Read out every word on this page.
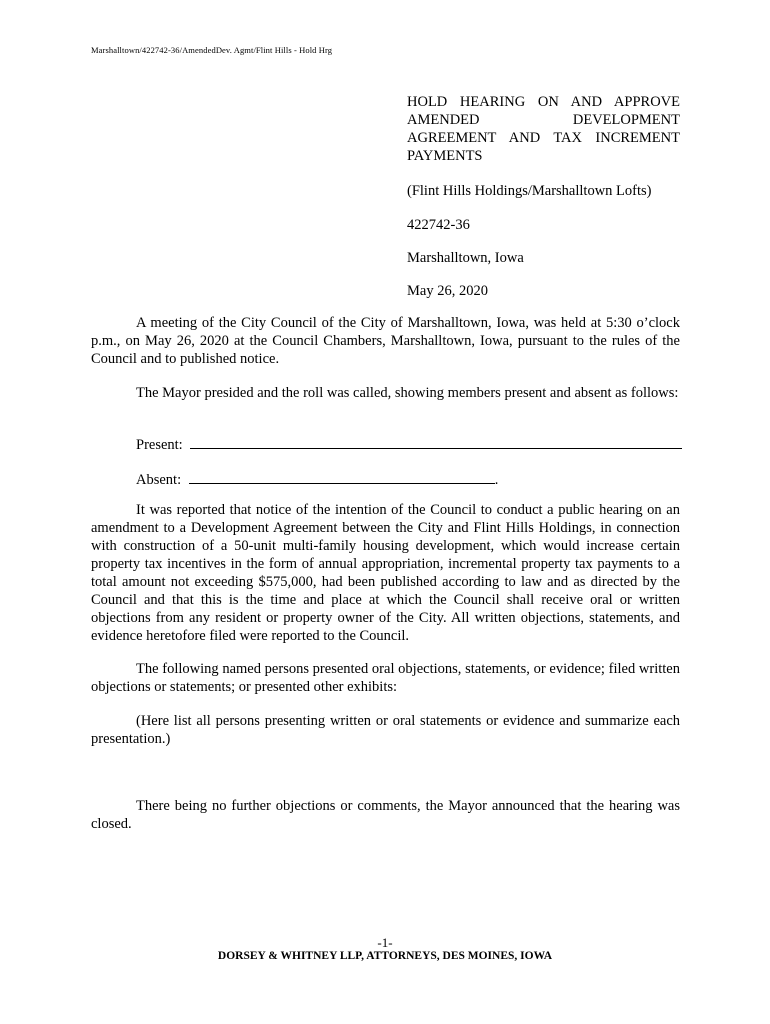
Marshalltown/422742-36/AmendedDev. Agmt/Flint Hills - Hold Hrg
HOLD HEARING ON AND APPROVE
AMENDED DEVELOPMENT
AGREEMENT AND TAX INCREMENT
PAYMENTS

(Flint Hills Holdings/Marshalltown Lofts)

422742-36

Marshalltown, Iowa

May 26, 2020

A meeting of the City Council of the City of Marshalltown, Iowa, was held at 5:30 o’clock p.m., on May 26, 2020 at the Council Chambers, Marshalltown, Iowa, pursuant to the rules of the Council and to published notice.

The Mayor presided and the roll was called, showing members present and absent as follows:

Present:
Absent:	.

It was reported that notice of the intention of the Council to conduct a public hearing on an amendment to a Development Agreement between the City and Flint Hills Holdings, in connection with construction of a 50-unit multi-family housing development, which would increase certain property tax incentives in the form of annual appropriation, incremental property tax payments to a total amount not exceeding $575,000, had been published according to law and as directed by the Council and that this is the time and place at which the Council shall receive oral or written objections from any resident or property owner of the City. All written objections, statements, and evidence heretofore filed were reported to the Council.

The following named persons presented oral objections, statements, or evidence; filed written objections or statements; or presented other exhibits:

(Here list all persons presenting written or oral statements or evidence and summarize each presentation.)

There being no further objections or comments, the Mayor announced that the hearing was closed.

-1-
DORSEY & WHITNEY LLP, ATTORNEYS, DES MOINES, IOWA
